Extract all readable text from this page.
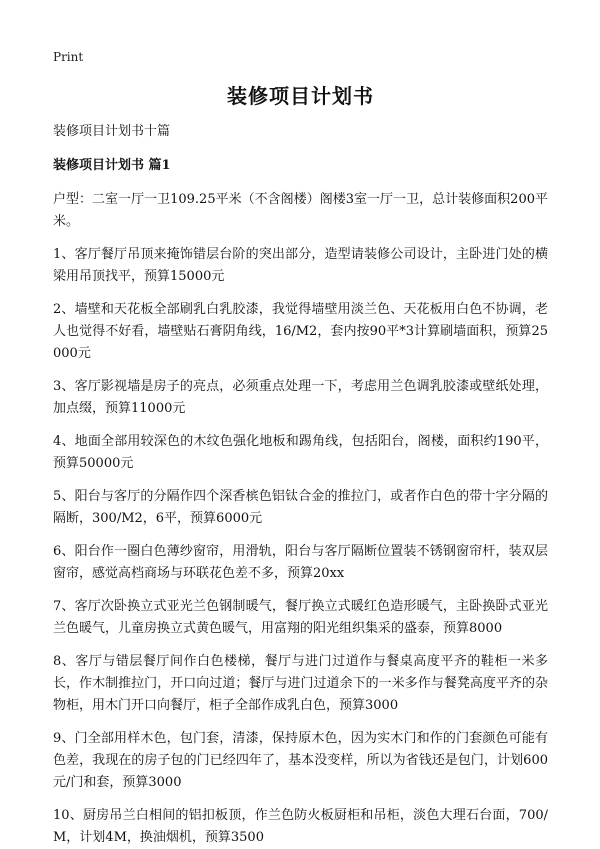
Print
装修项目计划书
装修项目计划书十篇
装修项目计划书 篇1

户型：二室一厅一卫109.25平米（不含阁楼）阁楼3室一厅一卫，总计装修面积200平米。

1、客厅餐厅吊顶来掩饰错层台阶的突出部分，造型请装修公司设计，主卧进门处的横梁用吊顶找平，预算15000元

2、墙壁和天花板全部刷乳白乳胶漆，我觉得墙壁用淡兰色、天花板用白色不协调，老人也觉得不好看，墙壁贴石膏阴角线，16/M2，套内按90平*3计算刷墙面积，预算25000元

3、客厅影视墙是房子的亮点，必须重点处理一下，考虑用兰色调乳胶漆或壁纸处理，加点缀，预算11000元

4、地面全部用较深色的木纹色强化地板和踢角线，包括阳台，阁楼，面积约190平，预算50000元

5、阳台与客厅的分隔作四个深香槟色铝钛合金的推拉门，或者作白色的带十字分隔的隔断，300/M2，6平，预算6000元

6、阳台作一圈白色薄纱窗帘，用滑轨，阳台与客厅隔断位置装不锈钢窗帘杆，装双层窗帘，感觉高档商场与环联花色差不多，预算20xx

7、客厅次卧换立式亚光兰色钢制暖气，餐厅换立式暖红色造形暖气，主卧换卧式亚光兰色暖气，儿童房换立式黄色暖气，用富翔的阳光组织集采的盛泰，预算8000

8、客厅与错层餐厅间作白色楼梯，餐厅与进门过道作与餐桌高度平齐的鞋柜一米多长，作木制推拉门，开口向过道；餐厅与进门过道余下的一米多作与餐凳高度平齐的杂物柜，用木门开口向餐厅，柜子全部作成乳白色，预算3000

9、门全部用样木色，包门套，清漆，保持原木色，因为实木门和作的门套颜色可能有色差，我现在的房子包的门已经四年了，基本没变样，所以为省钱还是包门，计划600元/门和套，预算3000

10、厨房吊兰白相间的铝扣板顶，作兰色防火板厨柜和吊柜，淡色大理石台面，700/M，计划4M，换油烟机，预算3500
